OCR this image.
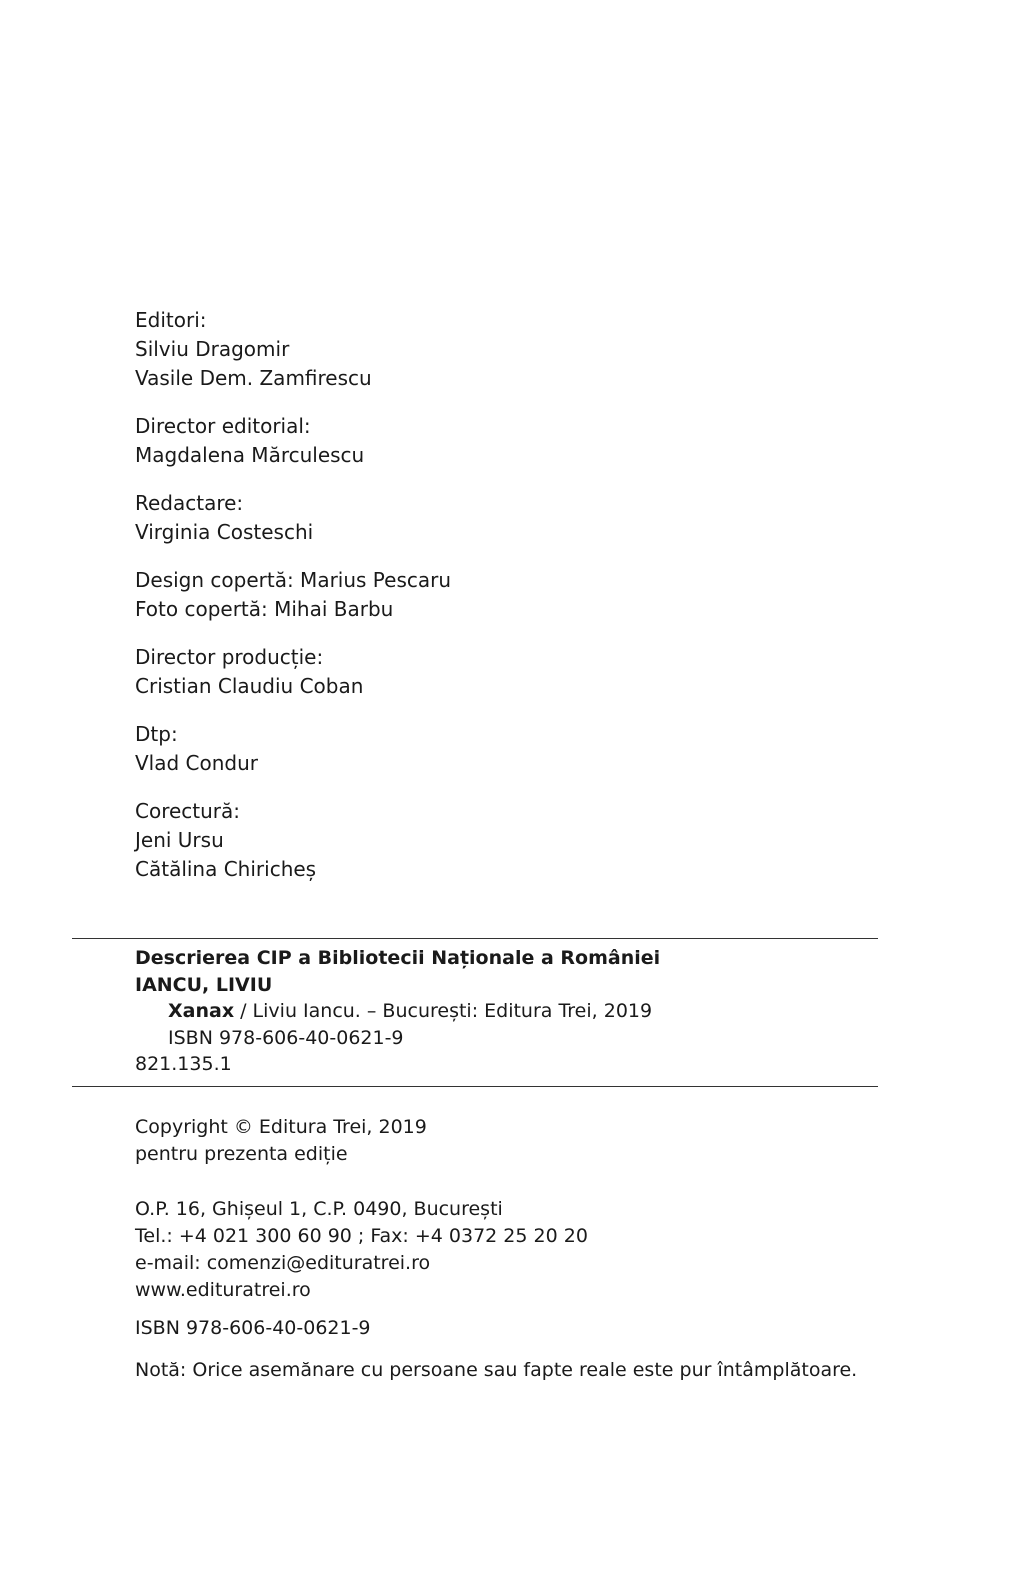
Editori:
Silviu Dragomir
Vasile Dem. Zamfirescu
Director editorial:
Magdalena Mărculescu
Redactare:
Virginia Costeschi
Design copertă: Marius Pescaru
Foto copertă: Mihai Barbu
Director producție:
Cristian Claudiu Coban
Dtp:
Vlad Condur
Corectură:
Jeni Ursu
Cătălina Chiricheș
Descrierea CIP a Bibliotecii Naționale a României
IANCU, LIVIU
Xanax / Liviu Iancu. – București: Editura Trei, 2019
ISBN 978-606-40-0621-9
821.135.1
Copyright © Editura Trei, 2019
pentru prezenta ediție
O.P. 16, Ghișeul 1, C.P. 0490, București
Tel.: +4 021 300 60 90 ; Fax: +4 0372 25 20 20
e-mail: comenzi@edituratrei.ro
www.edituratrei.ro
ISBN 978-606-40-0621-9
Notă: Orice asemănare cu persoane sau fapte reale este pur întâmplătoare.
